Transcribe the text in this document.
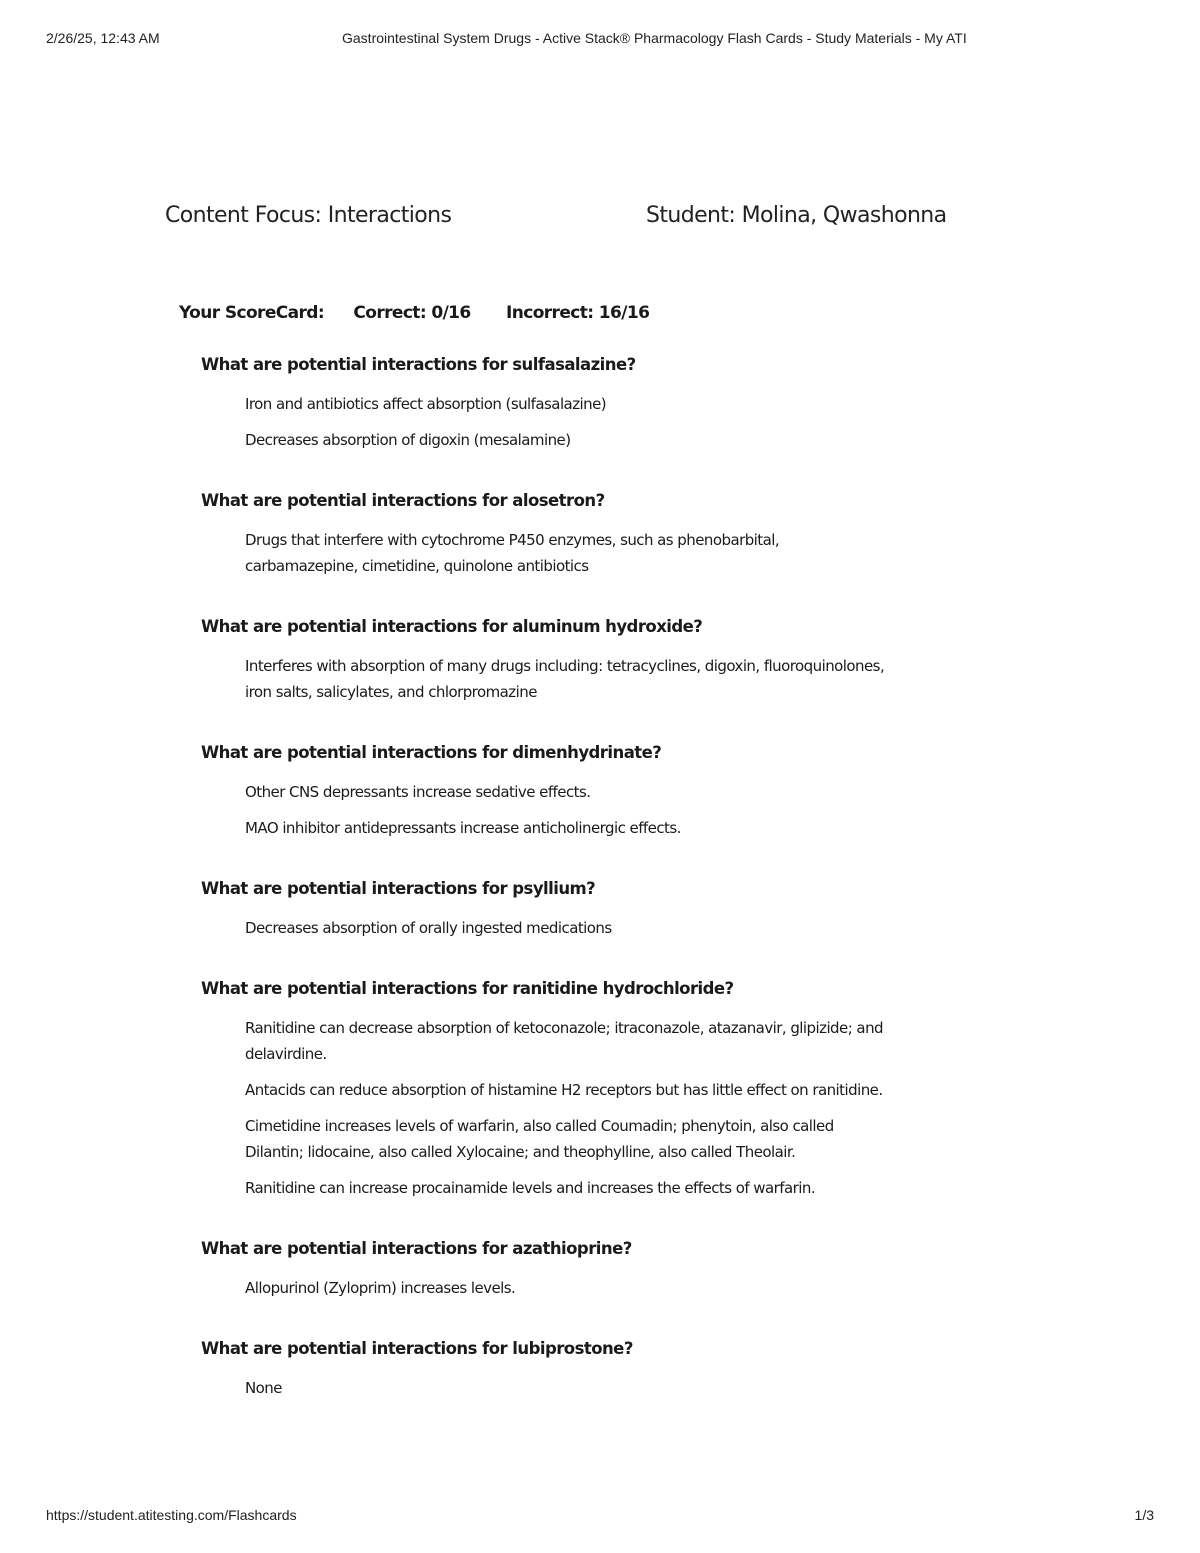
2/26/25, 12:43 AM	Gastrointestinal System Drugs - Active Stack® Pharmacology Flash Cards - Study Materials - My ATI
Content Focus: Interactions	Student: Molina, Qwashonna
Your ScoreCard: Correct: 0/16 Incorrect: 16/16
What are potential interactions for sulfasalazine?
Iron and antibiotics affect absorption (sulfasalazine)
Decreases absorption of digoxin (mesalamine)
What are potential interactions for alosetron?
Drugs that interfere with cytochrome P450 enzymes, such as phenobarbital, carbamazepine, cimetidine, quinolone antibiotics
What are potential interactions for aluminum hydroxide?
Interferes with absorption of many drugs including: tetracyclines, digoxin, fluoroquinolones, iron salts, salicylates, and chlorpromazine
What are potential interactions for dimenhydrinate?
Other CNS depressants increase sedative effects.
MAO inhibitor antidepressants increase anticholinergic effects.
What are potential interactions for psyllium?
Decreases absorption of orally ingested medications
What are potential interactions for ranitidine hydrochloride?
Ranitidine can decrease absorption of ketoconazole; itraconazole, atazanavir, glipizide; and delavirdine.
Antacids can reduce absorption of histamine H2 receptors but has little effect on ranitidine.
Cimetidine increases levels of warfarin, also called Coumadin; phenytoin, also called Dilantin; lidocaine, also called Xylocaine; and theophylline, also called Theolair.
Ranitidine can increase procainamide levels and increases the effects of warfarin.
What are potential interactions for azathioprine?
Allopurinol (Zyloprim) increases levels.
What are potential interactions for lubiprostone?
None
https://student.atitesting.com/Flashcards	1/3
